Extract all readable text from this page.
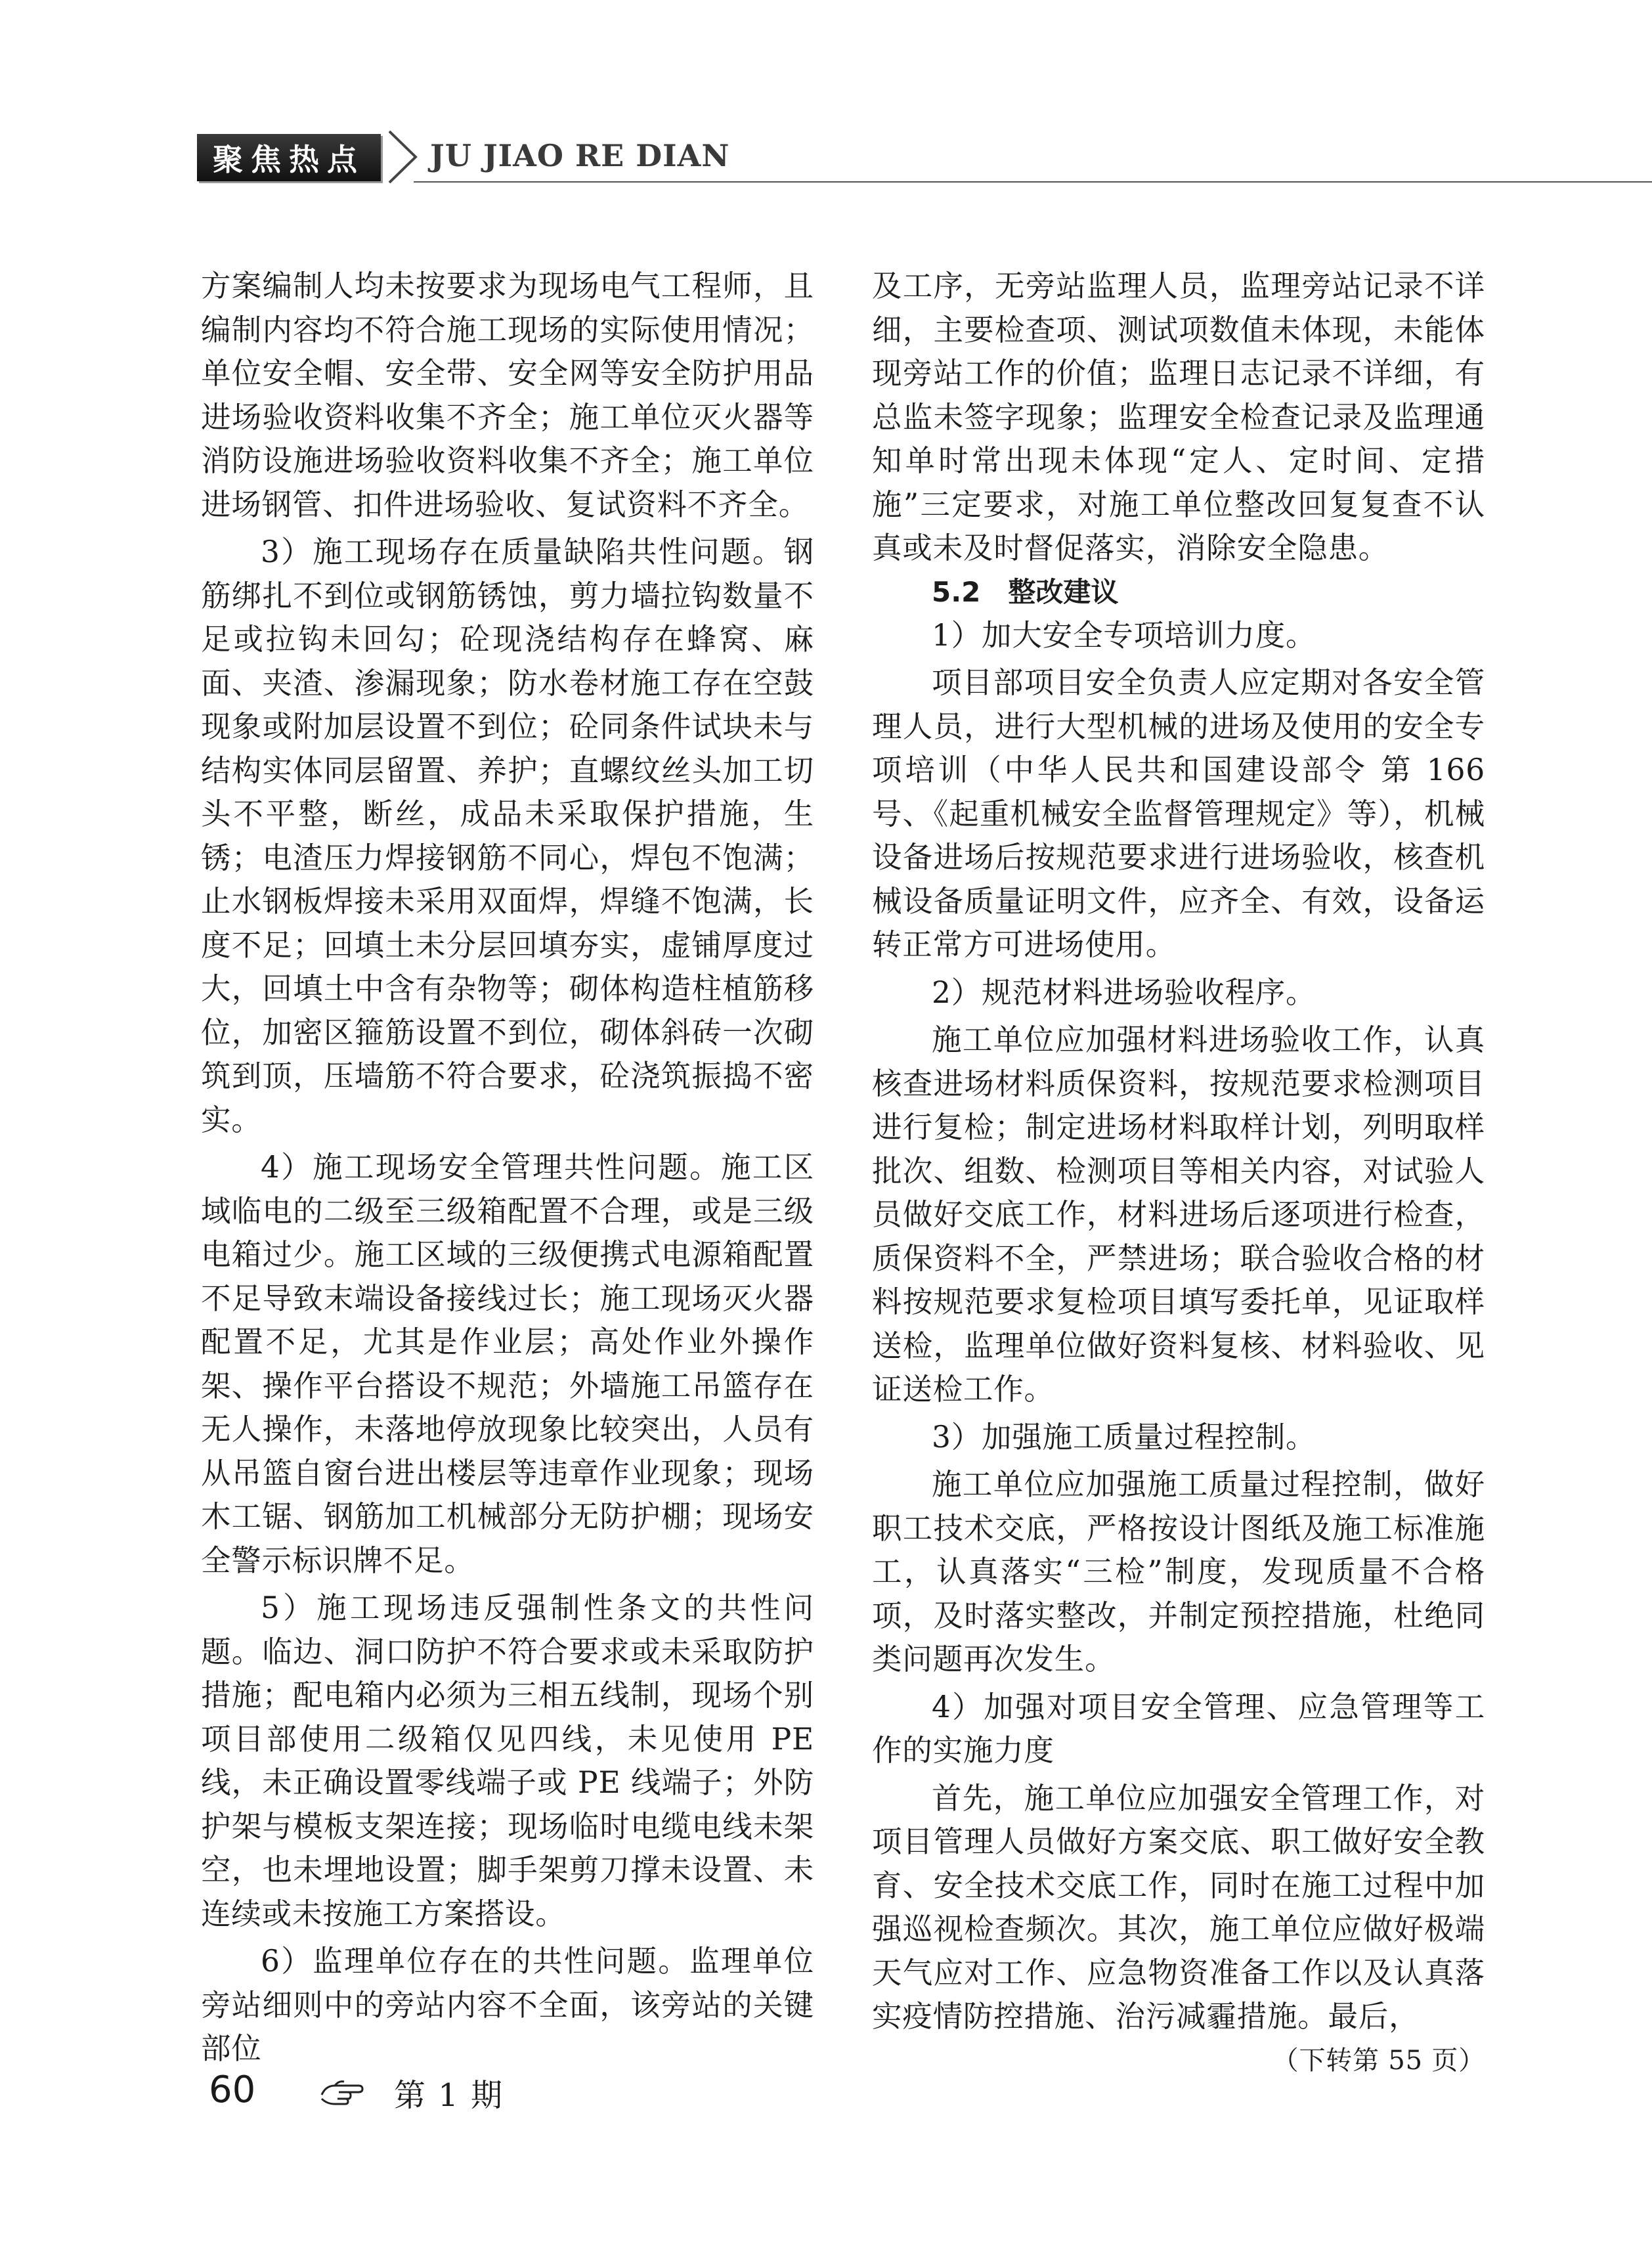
聚焦热点	JU JIAO RE DIAN

方案编制人均未按要求为现场电气工程师，且编制内容均不符合施工现场的实际使用情况；单位安全帽、安全带、安全网等安全防护用品进场验收资料收集不齐全；施工单位灭火器等消防设施进场验收资料收集不齐全；施工单位进场钢管、扣件进场验收、复试资料不齐全。

3）施工现场存在质量缺陷共性问题。钢筋绑扎不到位或钢筋锈蚀，剪力墙拉钩数量不足或拉钩未回勾；砼现浇结构存在蜂窝、麻面、夹渣、渗漏现象；防水卷材施工存在空鼓现象或附加层设置不到位；砼同条件试块未与结构实体同层留置、养护；直螺纹丝头加工切头不平整，断丝，成品未采取保护措施，生锈；电渣压力焊接钢筋不同心，焊包不饱满；止水钢板焊接未采用双面焊，焊缝不饱满，长度不足；回填土未分层回填夯实，虚铺厚度过大，回填土中含有杂物等；砌体构造柱植筋移位，加密区箍筋设置不到位，砌体斜砖一次砌筑到顶，压墙筋不符合要求，砼浇筑振捣不密实。

4）施工现场安全管理共性问题。施工区域临电的二级至三级箱配置不合理，或是三级电箱过少。施工区域的三级便携式电源箱配置不足导致末端设备接线过长；施工现场灭火器配置不足，尤其是作业层；高处作业外操作架、操作平台搭设不规范；外墙施工吊篮存在无人操作，未落地停放现象比较突出，人员有从吊篮自窗台进出楼层等违章作业现象；现场木工锯、钢筋加工机械部分无防护棚；现场安全警示标识牌不足。

5）施工现场违反强制性条文的共性问题。临边、洞口防护不符合要求或未采取防护措施；配电箱内必须为三相五线制，现场个别项目部使用二级箱仅见四线，未见使用 PE 线，未正确设置零线端子或 PE 线端子；外防护架与模板支架连接；现场临时电缆电线未架空，也未埋地设置；脚手架剪刀撑未设置、未连续或未按施工方案搭设。

6）监理单位存在的共性问题。监理单位旁站细则中的旁站内容不全面，该旁站的关键部位

及工序，无旁站监理人员，监理旁站记录不详细，主要检查项、测试项数值未体现，未能体现旁站工作的价值；监理日志记录不详细，有总监未签字现象；监理安全检查记录及监理通知单时常出现未体现“定人、定时间、定措施”三定要求，对施工单位整改回复复查不认真或未及时督促落实，消除安全隐患。

5.2　整改建议

1）加大安全专项培训力度。

项目部项目安全负责人应定期对各安全管理人员，进行大型机械的进场及使用的安全专项培训（中华人民共和国建设部令 第 166 号、《起重机械安全监督管理规定》等），机械设备进场后按规范要求进行进场验收，核查机械设备质量证明文件，应齐全、有效，设备运转正常方可进场使用。

2）规范材料进场验收程序。

施工单位应加强材料进场验收工作，认真核查进场材料质保资料，按规范要求检测项目进行复检；制定进场材料取样计划，列明取样批次、组数、检测项目等相关内容，对试验人员做好交底工作，材料进场后逐项进行检查，质保资料不全，严禁进场；联合验收合格的材料按规范要求复检项目填写委托单，见证取样送检，监理单位做好资料复核、材料验收、见证送检工作。

3）加强施工质量过程控制。

施工单位应加强施工质量过程控制，做好职工技术交底，严格按设计图纸及施工标准施工，认真落实“三检”制度，发现质量不合格项，及时落实整改，并制定预控措施，杜绝同类问题再次发生。

4）加强对项目安全管理、应急管理等工作的实施力度

首先，施工单位应加强安全管理工作，对项目管理人员做好方案交底、职工做好安全教育、安全技术交底工作，同时在施工过程中加强巡视检查频次。其次，施工单位应做好极端天气应对工作、应急物资准备工作以及认真落实疫情防控措施、治污减霾措施。最后，
（下转第 55 页）

60	第 1 期
